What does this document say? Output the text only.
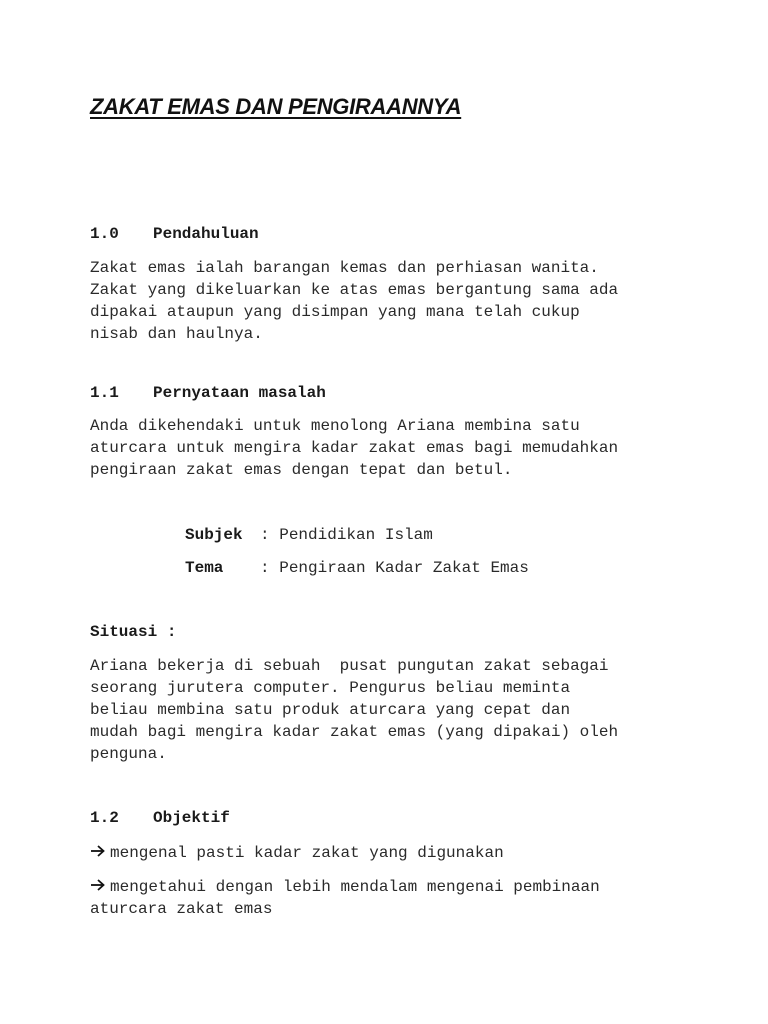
ZAKAT EMAS DAN PENGIRAANNYA
1.0 Pendahuluan
Zakat emas ialah barangan kemas dan perhiasan wanita.
Zakat yang dikeluarkan ke atas emas bergantung sama ada
dipakai ataupun yang disimpan yang mana telah cukup
nisab dan haulnya.
1.1 Pernyataan masalah
Anda dikehendaki untuk menolong Ariana membina satu
aturcara untuk mengira kadar zakat emas bagi memudahkan
pengiraan zakat emas dengan tepat dan betul.
Subjek : Pendidikan Islam
Tema : Pengiraan Kadar Zakat Emas
Situasi :
Ariana bekerja di sebuah  pusat pungutan zakat sebagai
seorang jurutera computer. Pengurus beliau meminta
beliau membina satu produk aturcara yang cepat dan
mudah bagi mengira kadar zakat emas (yang dipakai) oleh
penguna.
1.2 Objektif
mengenal pasti kadar zakat yang digunakan
mengetahui dengan lebih mendalam mengenai pembinaan
aturcara zakat emas
